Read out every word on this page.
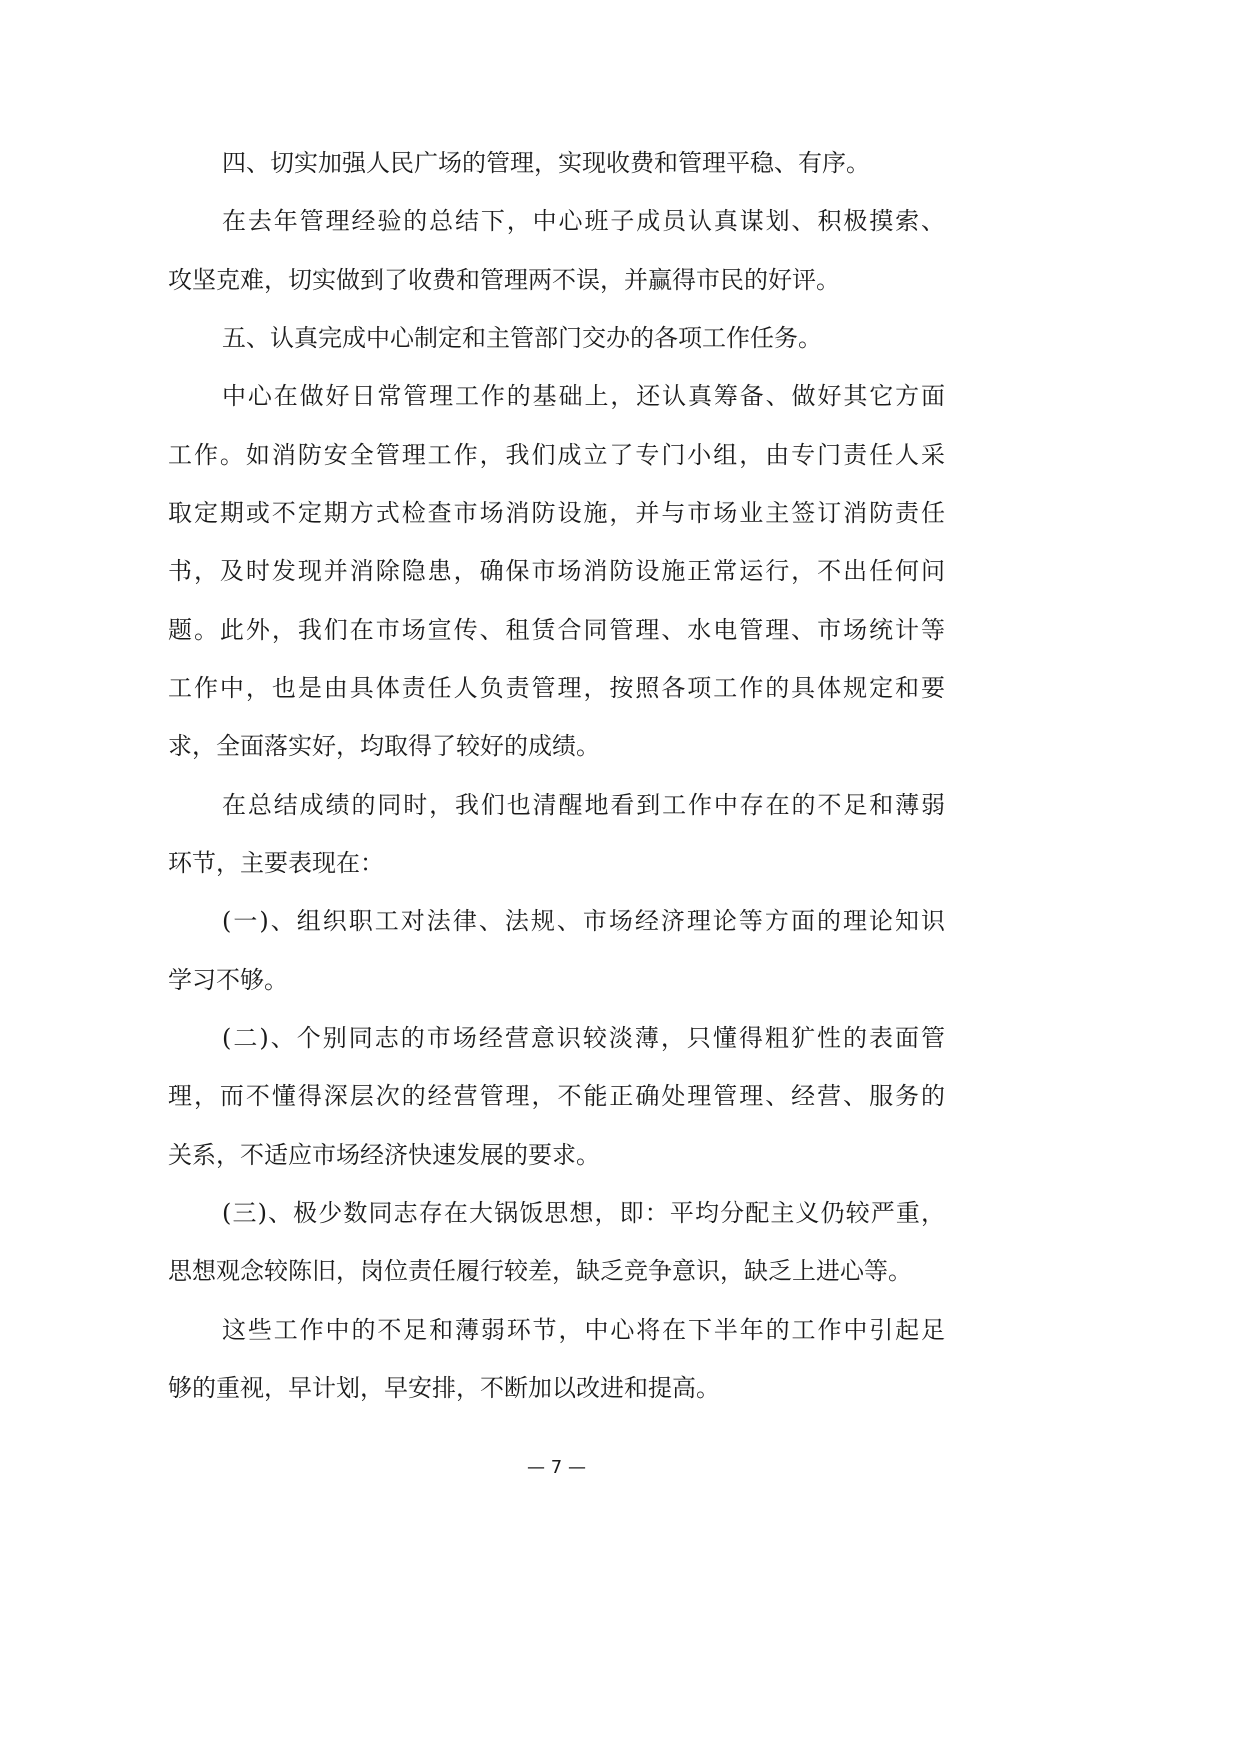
四、切实加强人民广场的管理，实现收费和管理平稳、有序。
在去年管理经验的总结下，中心班子成员认真谋划、积极摸索、
攻坚克难，切实做到了收费和管理两不误，并赢得市民的好评。
五、认真完成中心制定和主管部门交办的各项工作任务。
中心在做好日常管理工作的基础上，还认真筹备、做好其它方面
工作。如消防安全管理工作，我们成立了专门小组，由专门责任人采
取定期或不定期方式检查市场消防设施，并与市场业主签订消防责任
书，及时发现并消除隐患，确保市场消防设施正常运行，不出任何问
题。此外，我们在市场宣传、租赁合同管理、水电管理、市场统计等
工作中，也是由具体责任人负责管理，按照各项工作的具体规定和要
求，全面落实好，均取得了较好的成绩。
在总结成绩的同时，我们也清醒地看到工作中存在的不足和薄弱
环节，主要表现在：
(一)、组织职工对法律、法规、市场经济理论等方面的理论知识
学习不够。
(二)、个别同志的市场经营意识较淡薄，只懂得粗犷性的表面管
理，而不懂得深层次的经营管理，不能正确处理管理、经营、服务的
关系，不适应市场经济快速发展的要求。
(三)、极少数同志存在大锅饭思想，即：平均分配主义仍较严重，
思想观念较陈旧，岗位责任履行较差，缺乏竞争意识，缺乏上进心等。
这些工作中的不足和薄弱环节，中心将在下半年的工作中引起足
够的重视，早计划，早安排，不断加以改进和提高。
— 7 —
